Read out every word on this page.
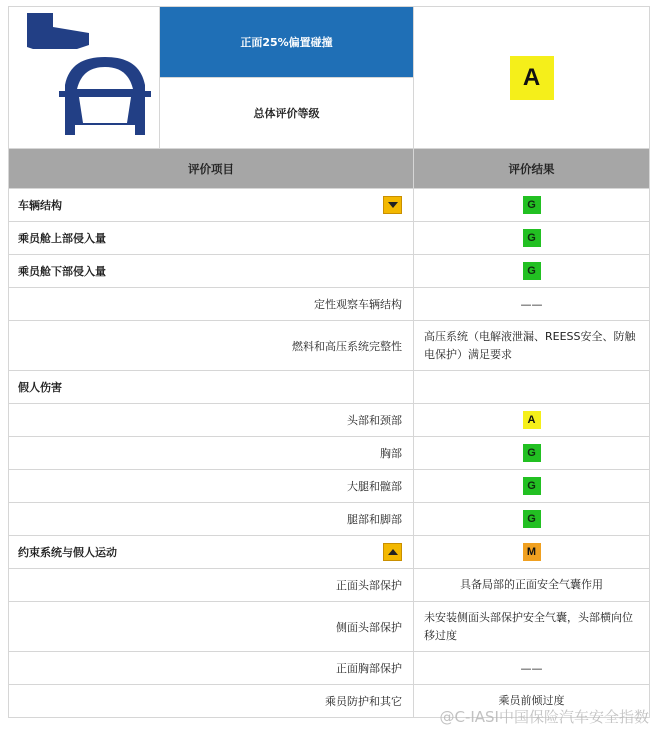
	正面25%偏置碰撞	A
	总体评价等级	
评价项目		评价结果
车辆结构		G
乘员舱上部侵入量		G
乘员舱下部侵入量		G
定性观察车辆结构		——
燃料和高压系统完整性		高压系统（电解液泄漏、REESS安全、防触电保护）满足要求
假人伤害		
头部和颈部		A
胸部		G
大腿和髋部		G
腿部和脚部		G
约束系统与假人运动		M
正面头部保护		具备局部的正面安全气囊作用
侧面头部保护		未安装侧面头部保护安全气囊，头部横向位移过度
正面胸部保护		——
乘员防护和其它		乘员前倾过度
@C-IASI中国保险汽车安全指数
